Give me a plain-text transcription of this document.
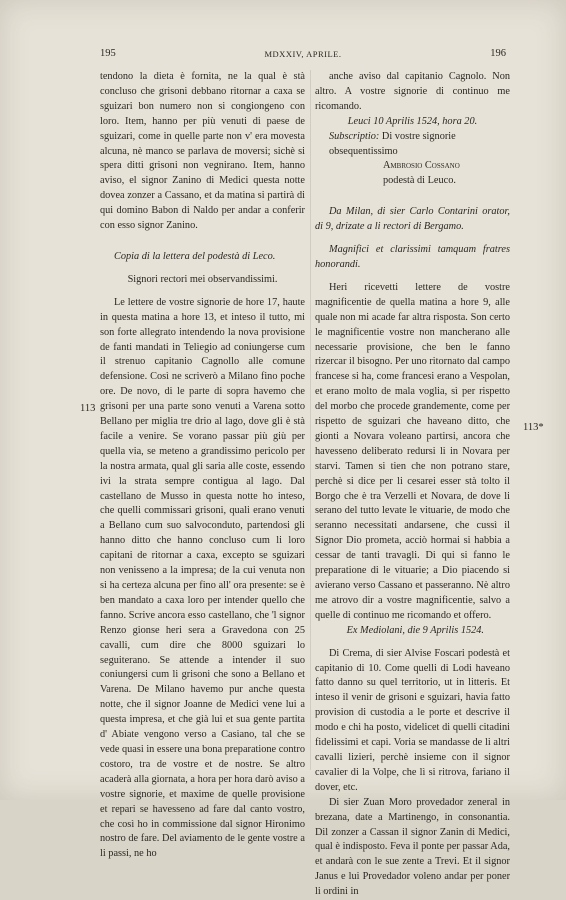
195	MDXXIV, APRILE.	196
113
113*

tendono la dieta è fornita, ne la qual è stà concluso che grisoni debbano ritornar a caxa se sguizari bon numero non si congiongeno con loro. Item, hanno per più venuti di paese de sguizari, come in quelle parte non v' era movesta alcuna, nè manco se parlava de moversi; sichè si spera ditti grisoni non vegnirano. Item, hanno aviso, el signor Zanino di Medici questa notte dovea zonzer a Cassano, et da matina si partirà di qui domino Babon di Naldo per andar a conferir con esso signor Zanino.

Copia di la lettera del podestà di Leco.

Signori rectori mei observandissimi.

Le lettere de vostre signorie de hore 17, haute in questa matina a hore 13, et inteso il tutto, mi son forte allegrato intendendo la nova provisione de fanti mandati in Teliegio ad coniungerse cum il strenuo capitanio Cagnollo alle comune defensione. Così ne scriverò a Milano fino poche ore. De novo, di le parte di sopra havemo che grisoni per una parte sono venuti a Varena sotto Bellano per miglia tre drio al lago, dove gli è stà facile a venire. Se vorano passar più giù per quella via, se meteno a grandissimo pericolo per la nostra armata, qual gli saria alle coste, essendo ivi la strata sempre contigua al lago. Dal castellano de Musso in questa notte ho inteso, che quelli commissari grisoni, quali erano venuti a Bellano cum suo salvoconduto, partendosi gli hanno ditto che hanno concluso cum li loro capitani de ritornar a caxa, excepto se sguizari non venisseno a la impresa; de la cui venuta non si ha certeza alcuna per fino all' ora presente: se è ben mandato a caxa loro per intender quello che fanno. Scrive ancora esso castellano, che 'l signor Renzo gionse heri sera a Gravedona con 25 cavalli, cum dire che 8000 sguizari lo seguiterano. Se attende a intender il suo coniungersi cum li grisoni che sono a Bellano et Varena. De Milano havemo pur anche questa notte, che il signor Joanne de Medici vene lui a questa impresa, et che già lui et sua gente partita d' Abiate vengono verso a Casiano, tal che se vede quasi in essere una bona preparatione contro costoro, tra de vostre et de nostre. Se altro acaderà alla giornata, a hora per hora darò aviso a vostre signorie, et maxime de quelle provisione et repari se havesseno ad fare dal canto vostro, che così ho in commissione dal signor Hironimo nostro de fare. Del aviamento de le gente vostre a li passi, ne ho

anche aviso dal capitanio Cagnolo. Non altro. A vostre signorie di continuo me ricomando.

Leuci 10 Aprilis 1524, hora 20.

Subscriptio: Di vostre signorie obsequentissimo

Ambrosio Cossano

podestà di Leuco.

Da Milan, di sier Carlo Contarini orator, di 9, drizate a li rectori di Bergamo.

Magnifici et clarissimi tamquam fratres honorandi.

Heri ricevetti lettere de vostre magnificentie de quella matina a hore 9, alle quale non mi acade far altra risposta. Son certo le magnificentie vostre non mancherano alle necessarie provisione, che ben le fanno rizercar il bisogno. Per uno ritornato dal campo francese si ha, come francesi erano a Vespolan, et erano molto de mala voglia, sì per rispetto del morbo che procede grandemente, come per rispetto de sguizari che haveano ditto, che gionti a Novara voleano partirsi, ancora che havesseno deliberato redursi li in Novara per starvi. Tamen si tien che non potrano stare, perchè si dice per li cesarei esser stà tolto il Borgo che è tra Verzelli et Novara, de dove li serano del tutto levate le vituarie, de modo che seranno necessitati andarsene, che cussì il Signor Dio prometa, acciò hormai si habbia a cessar de tanti travagli. Di qui si fanno le preparatione di le vituarie; a Dio piacendo si avierano verso Cassano et passeranno. Nè altro me atrovo dir a vostre magnificentie, salvo a quelle di continuo me ricomando et offero.

Ex Mediolani, die 9 Aprilis 1524.

Di Crema, di sier Alvise Foscari podestà et capitanio di 10. Come quelli di Lodi haveano fatto danno su quel territorio, ut in litteris. Et inteso il venir de grisoni e sguizari, havia fatto provision di custodia a le porte et descrive il modo e chi ha posto, videlicet di quelli citadini fidelissimi et capi. Voria se mandasse de li altri cavalli lizieri, perchè insieme con il signor cavalier di la Volpe, che lì si ritrova, fariano il dover, etc.

Di sier Zuan Moro provedador zeneral in brezana, date a Martinengo, in consonantia. Dil zonzer a Cassan il signor Zanin di Medici, qual è indisposto. Feva il ponte per passar Ada, et andarà con le sue zente a Trevi. Et il signor Janus e lui Provedador voleno andar per poner li ordini in
